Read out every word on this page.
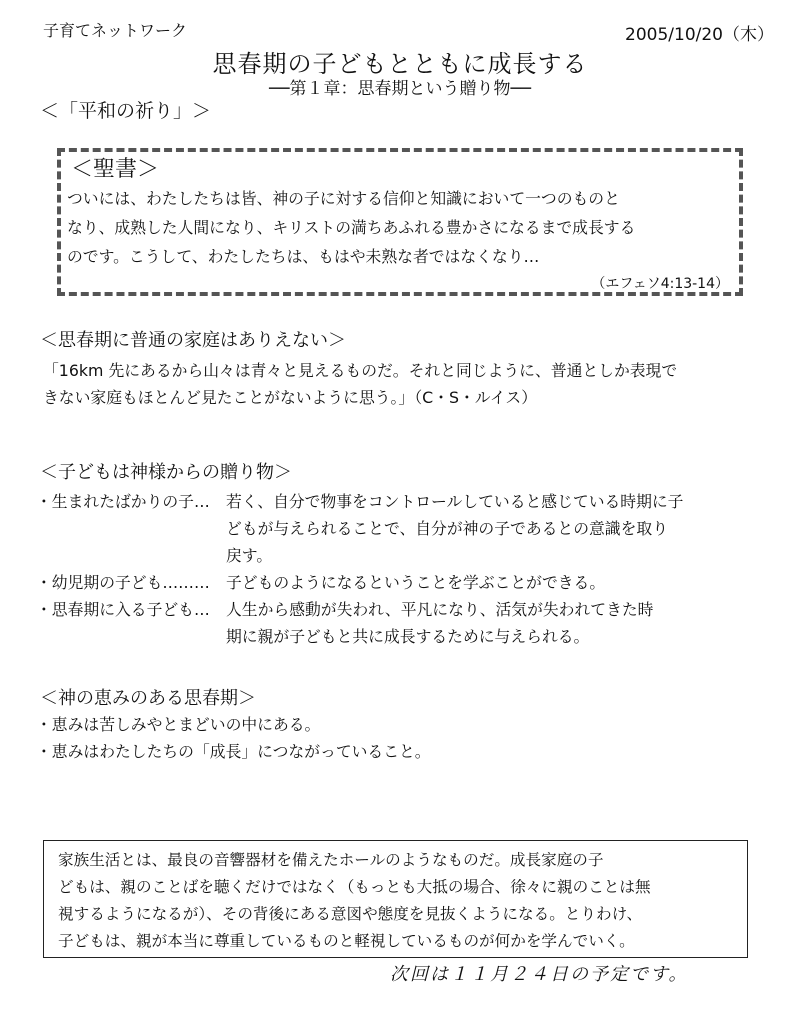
子育てネットワーク	2005/10/20（木）
思春期の子どもとともに成長する
──第１章：思春期という贈り物──
＜「平和の祈り」＞
＜聖書＞
ついには、わたしたちは皆、神の子に対する信仰と知識において一つのものと
なり、成熟した人間になり、キリストの満ちあふれる豊かさになるまで成長する
のです。こうして、わたしたちは、もはや未熟な者ではなくなり…
（エフェソ4:13-14）
＜思春期に普通の家庭はありえない＞
「16km 先にあるから山々は青々と見えるものだ。それと同じように、普通としか表現で
きない家庭もほとんど見たことがないように思う。」（C・S・ルイス）
＜子どもは神様からの贈り物＞
・生まれたばかりの子… 若く、自分で物事をコントロールしていると感じている時期に子
どもが与えられることで、自分が神の子であるとの意識を取り
戻す。
・幼児期の子ども……… 子どものようになるということを学ぶことができる。
・思春期に入る子ども… 人生から感動が失われ、平凡になり、活気が失われてきた時
期に親が子どもと共に成長するために与えられる。
＜神の恵みのある思春期＞
・恵みは苦しみやとまどいの中にある。
・恵みはわたしたちの「成長」につながっていること。
家族生活とは、最良の音響器材を備えたホールのようなものだ。成長家庭の子
どもは、親のことばを聴くだけではなく（もっとも大抵の場合、徐々に親のことは無
視するようになるが）、その背後にある意図や態度を見抜くようになる。とりわけ、
子どもは、親が本当に尊重しているものと軽視しているものが何かを学んでいく。
次回は１１月２４日の予定です。
